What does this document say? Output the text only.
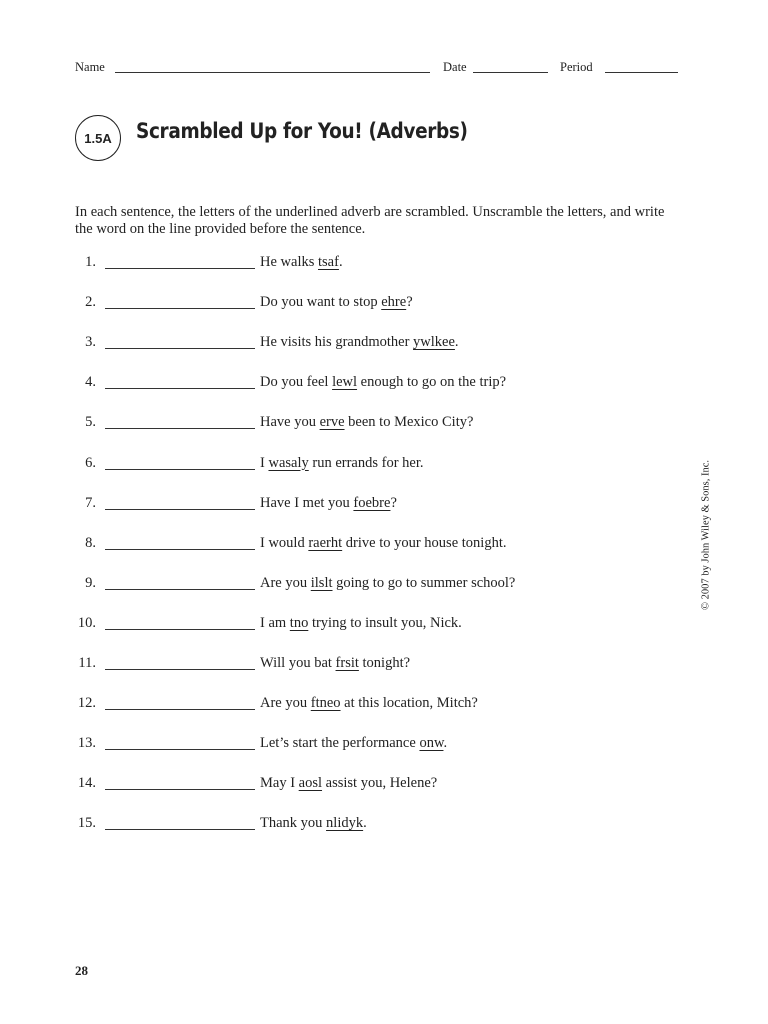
Name	Date	Period
1.5A	Scrambled Up for You! (Adverbs)
In each sentence, the letters of the underlined adverb are scrambled. Unscramble the letters, and write the word on the line provided before the sentence.
1.	He walks tsaf.
2.	Do you want to stop ehre?
3.	He visits his grandmother ywlkee.
4.	Do you feel lewl enough to go on the trip?
5.	Have you erve been to Mexico City?
6.	I wasaly run errands for her.
7.	Have I met you foebre?
8.	I would raerht drive to your house tonight.
9.	Are you ilslt going to go to summer school?
10.	I am tno trying to insult you, Nick.
11.	Will you bat frsit tonight?
12.	Are you ftneo at this location, Mitch?
13.	Let’s start the performance onw.
14.	May I aosl assist you, Helene?
15.	Thank you nlidyk.
© 2007 by John Wiley & Sons, Inc.
28
